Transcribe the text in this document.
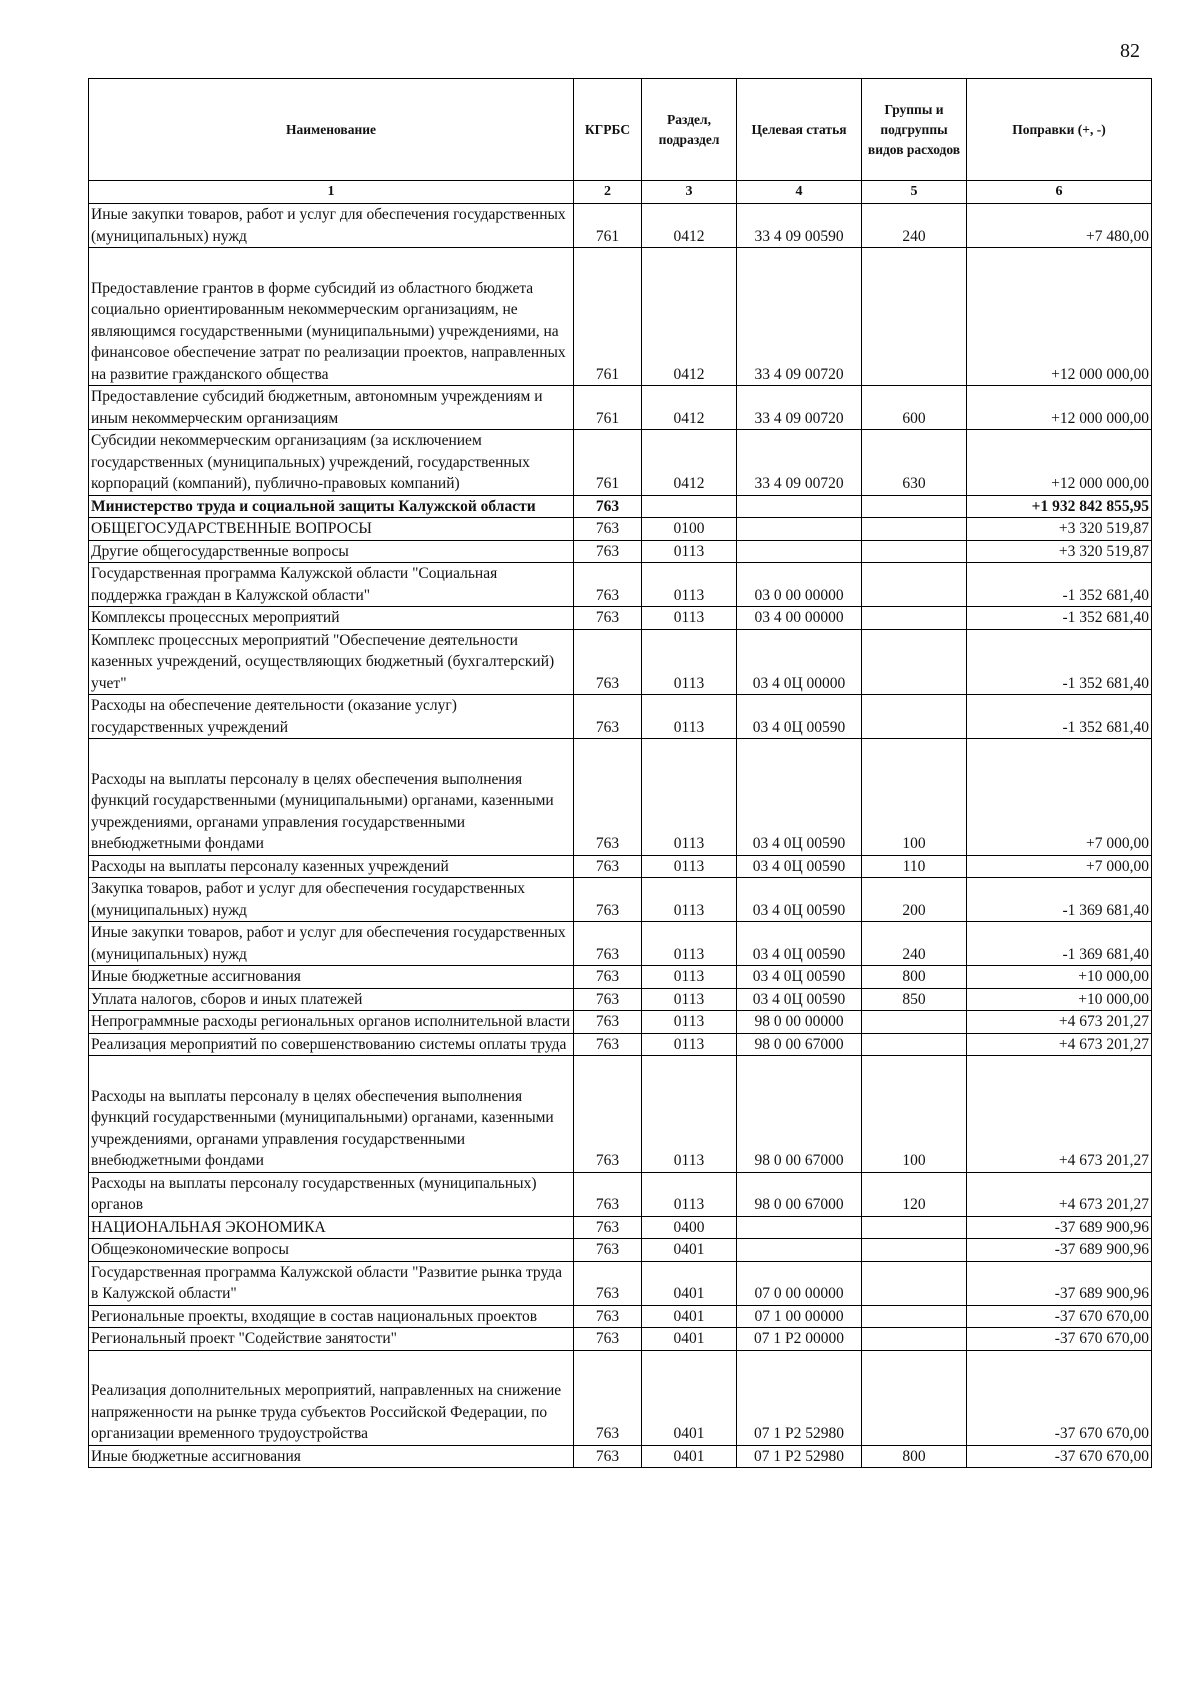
82
Наименование	КГРБС	Раздел, подраздел	Целевая статья	Группы и подгруппы видов расходов	Поправки (+, -)
1	2	3	4	5	6
Иные закупки товаров, работ и услуг для обеспечения государственных (муниципальных) нужд	761	0412	33 4 09 00590	240	+7 480,00
Предоставление грантов в форме субсидий из областного бюджета социально ориентированным некоммерческим организациям, не являющимся государственными (муниципальными) учреждениями, на финансовое обеспечение затрат по реализации проектов, направленных на развитие гражданского общества	761	0412	33 4 09 00720		+12 000 000,00
Предоставление субсидий бюджетным, автономным учреждениям и иным некоммерческим организациям	761	0412	33 4 09 00720	600	+12 000 000,00
Субсидии некоммерческим организациям (за исключением государственных (муниципальных) учреждений, государственных корпораций (компаний), публично-правовых компаний)	761	0412	33 4 09 00720	630	+12 000 000,00
Министерство труда и социальной защиты Калужской области	763				+1 932 842 855,95
ОБЩЕГОСУДАРСТВЕННЫЕ ВОПРОСЫ	763	0100			+3 320 519,87
Другие общегосударственные вопросы	763	0113			+3 320 519,87
Государственная программа Калужской области "Социальная поддержка граждан в Калужской области"	763	0113	03 0 00 00000		-1 352 681,40
Комплексы процессных мероприятий	763	0113	03 4 00 00000		-1 352 681,40
Комплекс процессных мероприятий "Обеспечение деятельности казенных учреждений, осуществляющих бюджетный (бухгалтерский) учет"	763	0113	03 4 0Ц 00000		-1 352 681,40
Расходы на обеспечение деятельности (оказание услуг) государственных учреждений	763	0113	03 4 0Ц 00590		-1 352 681,40
Расходы на выплаты персоналу в целях обеспечения выполнения функций государственными (муниципальными) органами, казенными учреждениями, органами управления государственными внебюджетными фондами	763	0113	03 4 0Ц 00590	100	+7 000,00
Расходы на выплаты персоналу казенных учреждений	763	0113	03 4 0Ц 00590	110	+7 000,00
Закупка товаров, работ и услуг для обеспечения государственных (муниципальных) нужд	763	0113	03 4 0Ц 00590	200	-1 369 681,40
Иные закупки товаров, работ и услуг для обеспечения государственных (муниципальных) нужд	763	0113	03 4 0Ц 00590	240	-1 369 681,40
Иные бюджетные ассигнования	763	0113	03 4 0Ц 00590	800	+10 000,00
Уплата налогов, сборов и иных платежей	763	0113	03 4 0Ц 00590	850	+10 000,00
Непрограммные расходы региональных органов исполнительной власти	763	0113	98 0 00 00000		+4 673 201,27
Реализация мероприятий по совершенствованию системы оплаты труда	763	0113	98 0 00 67000		+4 673 201,27
Расходы на выплаты персоналу в целях обеспечения выполнения функций государственными (муниципальными) органами, казенными учреждениями, органами управления государственными внебюджетными фондами	763	0113	98 0 00 67000	100	+4 673 201,27
Расходы на выплаты персоналу государственных (муниципальных) органов	763	0113	98 0 00 67000	120	+4 673 201,27
НАЦИОНАЛЬНАЯ ЭКОНОМИКА	763	0400			-37 689 900,96
Общеэкономические вопросы	763	0401			-37 689 900,96
Государственная программа Калужской области "Развитие рынка труда в Калужской области"	763	0401	07 0 00 00000		-37 689 900,96
Региональные проекты, входящие в состав национальных проектов	763	0401	07 1 00 00000		-37 670 670,00
Региональный проект "Содействие занятости"	763	0401	07 1 P2 00000		-37 670 670,00
Реализация дополнительных мероприятий, направленных на снижение напряженности на рынке труда субъектов Российской Федерации, по организации временного трудоустройства	763	0401	07 1 P2 52980		-37 670 670,00
Иные бюджетные ассигнования	763	0401	07 1 P2 52980	800	-37 670 670,00
